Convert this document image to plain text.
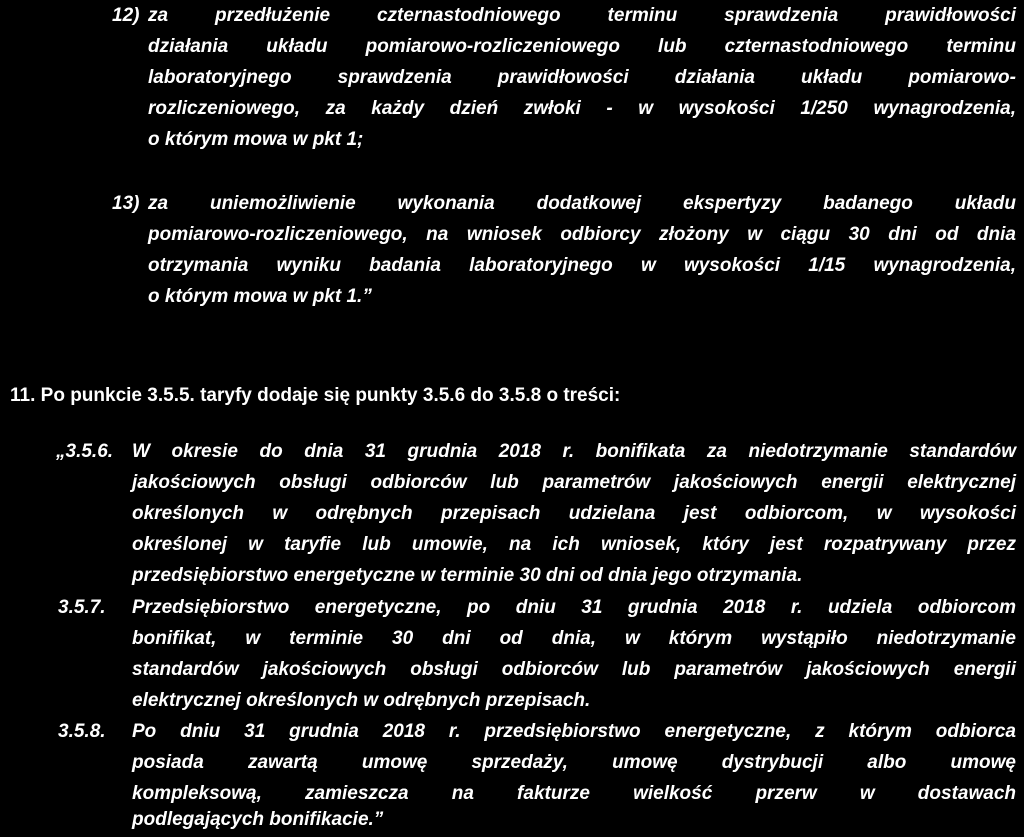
12) za przedłużenie czternastodniowego terminu sprawdzenia prawidłowości
działania układu pomiarowo-rozliczeniowego lub czternastodniowego terminu
laboratoryjnego sprawdzenia prawidłowości działania układu pomiarowo-
rozliczeniowego, za każdy dzień zwłoki - w wysokości 1/250 wynagrodzenia,
o którym mowa w pkt 1;
13) za uniemożliwienie wykonania dodatkowej ekspertyzy badanego układu
pomiarowo-rozliczeniowego, na wniosek odbiorcy złożony w ciągu 30 dni od dnia
otrzymania wyniku badania laboratoryjnego w wysokości 1/15 wynagrodzenia,
o którym mowa w pkt 1.”
11. Po punkcie 3.5.5. taryfy dodaje się punkty 3.5.6 do 3.5.8 o treści:
„3.5.6. W okresie do dnia 31 grudnia 2018 r. bonifikata za niedotrzymanie standardów
jakościowych obsługi odbiorców lub parametrów jakościowych energii elektrycznej
określonych w odrębnych przepisach udzielana jest odbiorcom, w wysokości
określonej w taryfie lub umowie, na ich wniosek, który jest rozpatrywany przez
przedsiębiorstwo energetyczne w terminie 30 dni od dnia jego otrzymania.
3.5.7. Przedsiębiorstwo energetyczne, po dniu 31 grudnia 2018 r. udziela odbiorcom
bonifikat, w terminie 30 dni od dnia, w którym wystąpiło niedotrzymanie
standardów jakościowych obsługi odbiorców lub parametrów jakościowych energii
elektrycznej określonych w odrębnych przepisach.
3.5.8. Po dniu 31 grudnia 2018 r. przedsiębiorstwo energetyczne, z którym odbiorca
posiada zawartą umowę sprzedaży, umowę dystrybucji albo umowę
kompleksową, zamieszcza na fakturze wielkość przerw w dostawach
podlegających bonifikacie.”
